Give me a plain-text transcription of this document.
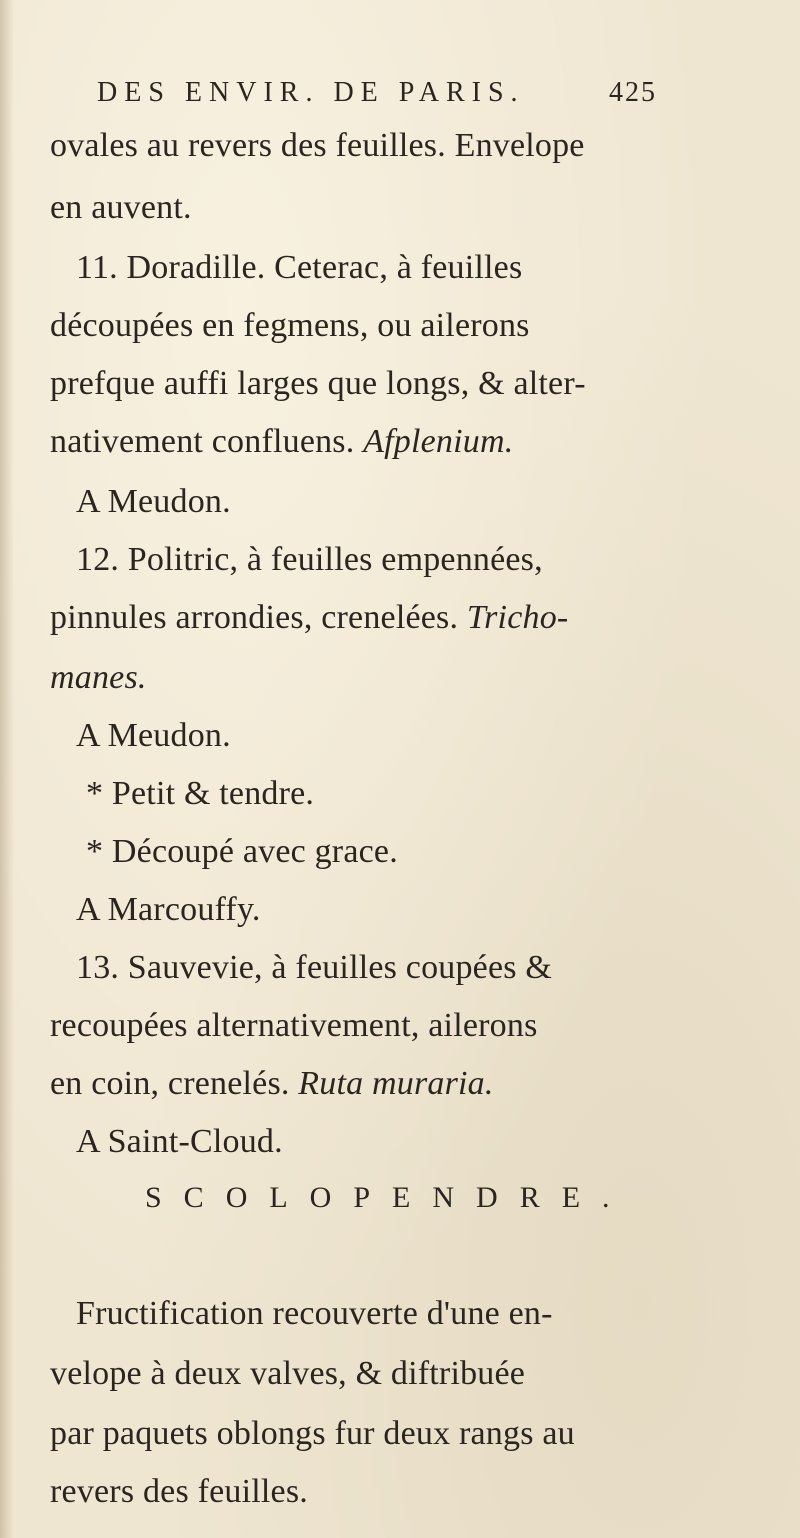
DES ENVIR. DE PARIS.	425
ovales au revers des feuilles. Envelope
en auvent.
11. Doradille. Ceterac, à feuilles
découpées en fegmens, ou ailerons
prefque auffi larges que longs, & alter-
nativement confluens. Afplenium.
A Meudon.
12. Politric, à feuilles empennées,
pinnules arrondies, crenelées. Tricho-
manes.
A Meudon.
* Petit & tendre.
* Découpé avec grace.
A Marcouffy.
13. Sauvevie, à feuilles coupées &
recoupées alternativement, ailerons
en coin, crenelés. Ruta muraria.
A Saint-Cloud.
SCOLOPENDRE.
Fructification recouverte d'une en-
velope à deux valves, & diftribuée
par paquets oblongs fur deux rangs au
revers des feuilles.
